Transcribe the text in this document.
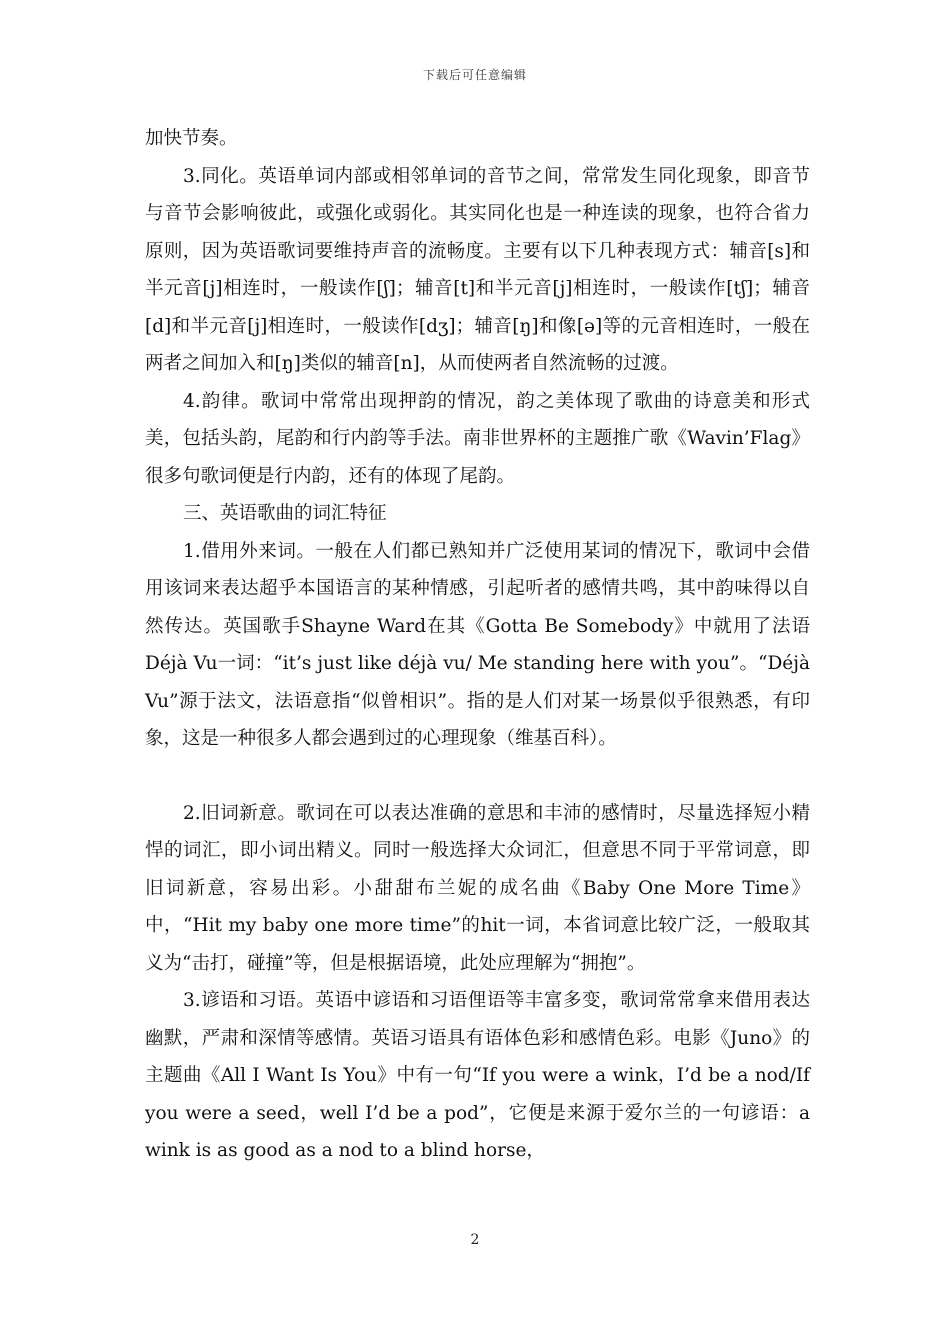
下载后可任意编辑

加快节奏。

3.同化。英语单词内部或相邻单词的音节之间，常常发生同化现象，即音节与音节会影响彼此，或强化或弱化。其实同化也是一种连读的现象，也符合省力原则，因为英语歌词要维持声音的流畅度。主要有以下几种表现方式：辅音[s]和半元音[j]相连时，一般读作[ʃ]；辅音[t]和半元音[j]相连时，一般读作[tʃ]；辅音[d]和半元音[j]相连时，一般读作[dʒ]；辅音[ŋ]和像[ə]等的元音相连时，一般在两者之间加入和[ŋ]类似的辅音[n]，从而使两者自然流畅的过渡。

4.韵律。歌词中常常出现押韵的情况，韵之美体现了歌曲的诗意美和形式美，包括头韵，尾韵和行内韵等手法。南非世界杯的主题推广歌《Wavin’Flag》很多句歌词便是行内韵，还有的体现了尾韵。

三、英语歌曲的词汇特征

1.借用外来词。一般在人们都已熟知并广泛使用某词的情况下，歌词中会借用该词来表达超乎本国语言的某种情感，引起听者的感情共鸣，其中韵味得以自然传达。英国歌手Shayne Ward在其《Gotta Be Somebody》中就用了法语Déjà Vu一词：“it’s just like déjà vu/ Me standing here with you”。“Déjà Vu”源于法文，法语意指“似曾相识”。指的是人们对某一场景似乎很熟悉，有印象，这是一种很多人都会遇到过的心理现象（维基百科）。

2.旧词新意。歌词在可以表达准确的意思和丰沛的感情时，尽量选择短小精悍的词汇，即小词出精义。同时一般选择大众词汇，但意思不同于平常词意，即旧词新意，容易出彩。小甜甜布兰妮的成名曲《Baby One More Time》中，“Hit my baby one more time”的hit一词，本省词意比较广泛，一般取其义为“击打，碰撞”等，但是根据语境，此处应理解为“拥抱”。

3.谚语和习语。英语中谚语和习语俚语等丰富多变，歌词常常拿来借用表达幽默，严肃和深情等感情。英语习语具有语体色彩和感情色彩。电影《Juno》的主题曲《All I Want Is You》中有一句“If you were a wink，I’d be a nod/If you were a seed，well I’d be a pod”，它便是来源于爱尔兰的一句谚语：a wink is as good as a nod to a blind horse，

2
